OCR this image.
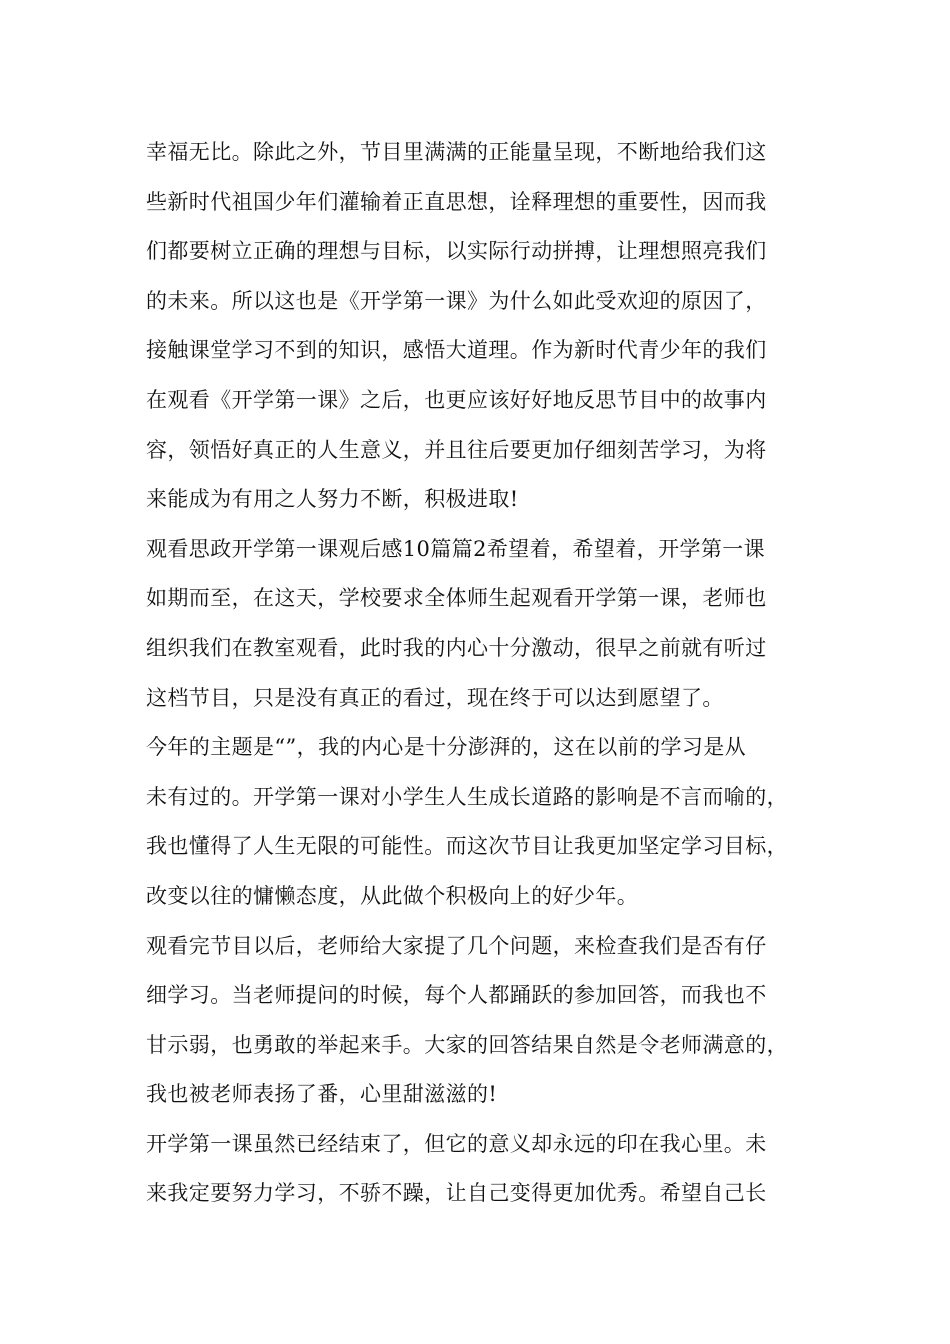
幸福无比。除此之外，节目里满满的正能量呈现，不断地给我们这
些新时代祖国少年们灌输着正直思想，诠释理想的重要性，因而我
们都要树立正确的理想与目标，以实际行动拼搏，让理想照亮我们
的未来。所以这也是《开学第一课》为什么如此受欢迎的原因了，
接触课堂学习不到的知识，感悟大道理。作为新时代青少年的我们
在观看《开学第一课》之后，也更应该好好地反思节目中的故事内
容，领悟好真正的人生意义，并且往后要更加仔细刻苦学习，为将
来能成为有用之人努力不断，积极进取!
观看思政开学第一课观后感10篇篇2希望着，希望着，开学第一课
如期而至，在这天，学校要求全体师生起观看开学第一课，老师也
组织我们在教室观看，此时我的内心十分激动，很早之前就有听过
这档节目，只是没有真正的看过，现在终于可以达到愿望了。
今年的主题是“”，我的内心是十分澎湃的，这在以前的学习是从
未有过的。开学第一课对小学生人生成长道路的影响是不言而喻的，
我也懂得了人生无限的可能性。而这次节目让我更加坚定学习目标，
改变以往的慵懒态度，从此做个积极向上的好少年。
观看完节目以后，老师给大家提了几个问题，来检查我们是否有仔
细学习。当老师提问的时候，每个人都踊跃的参加回答，而我也不
甘示弱，也勇敢的举起来手。大家的回答结果自然是令老师满意的，
我也被老师表扬了番，心里甜滋滋的!
开学第一课虽然已经结束了，但它的意义却永远的印在我心里。未
来我定要努力学习，不骄不躁，让自己变得更加优秀。希望自己长
